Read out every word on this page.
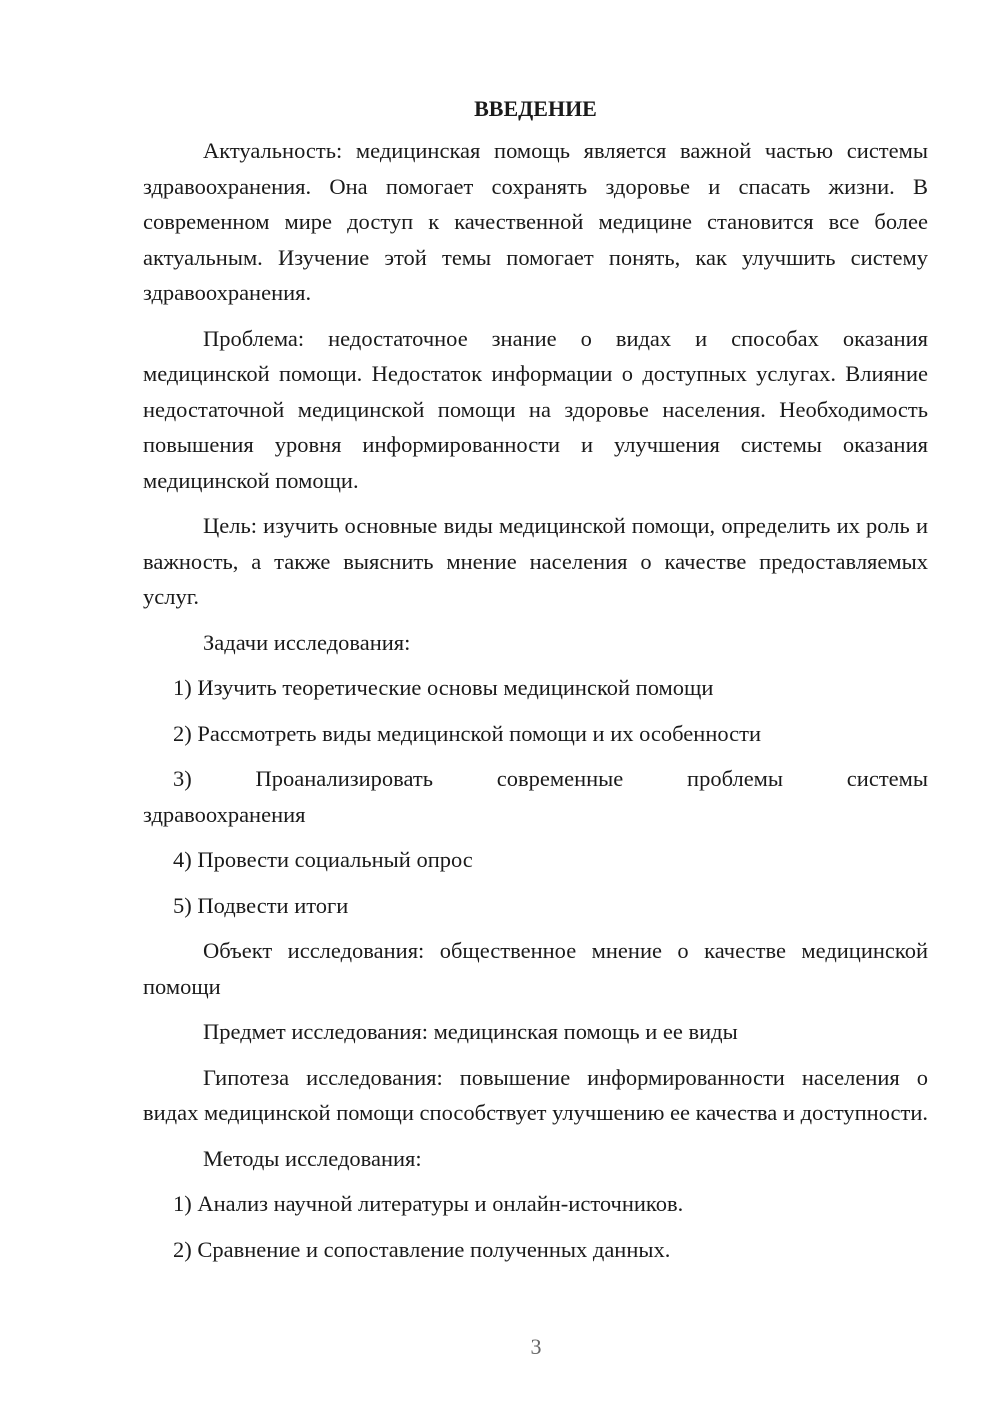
ВВЕДЕНИЕ

Актуальность: медицинская помощь является важной частью системы здравоохранения. Она помогает сохранять здоровье и спасать жизни. В современном мире доступ к качественной медицине становится все более актуальным. Изучение этой темы помогает понять, как улучшить систему здравоохранения.

Проблема: недостаточное знание о видах и способах оказания медицинской помощи. Недостаток информации о доступных услугах. Влияние недостаточной медицинской помощи на здоровье населения. Необходимость повышения уровня информированности и улучшения системы оказания медицинской помощи.

Цель: изучить основные виды медицинской помощи, определить их роль и важность, а также выяснить мнение населения о качестве предоставляемых услуг.

Задачи исследования:

1) Изучить теоретические основы медицинской помощи

2) Рассмотреть виды медицинской помощи и их особенности

3) Проанализировать современные проблемы системы

здравоохранения

4) Провести социальный опрос

5) Подвести итоги

Объект исследования: общественное мнение о качестве медицинской помощи

Предмет исследования: медицинская помощь и ее виды

Гипотеза исследования: повышение информированности населения о видах медицинской помощи способствует улучшению ее качества и доступности.

Методы исследования:

1) Анализ научной литературы и онлайн-источников.

2) Сравнение и сопоставление полученных данных.

3
